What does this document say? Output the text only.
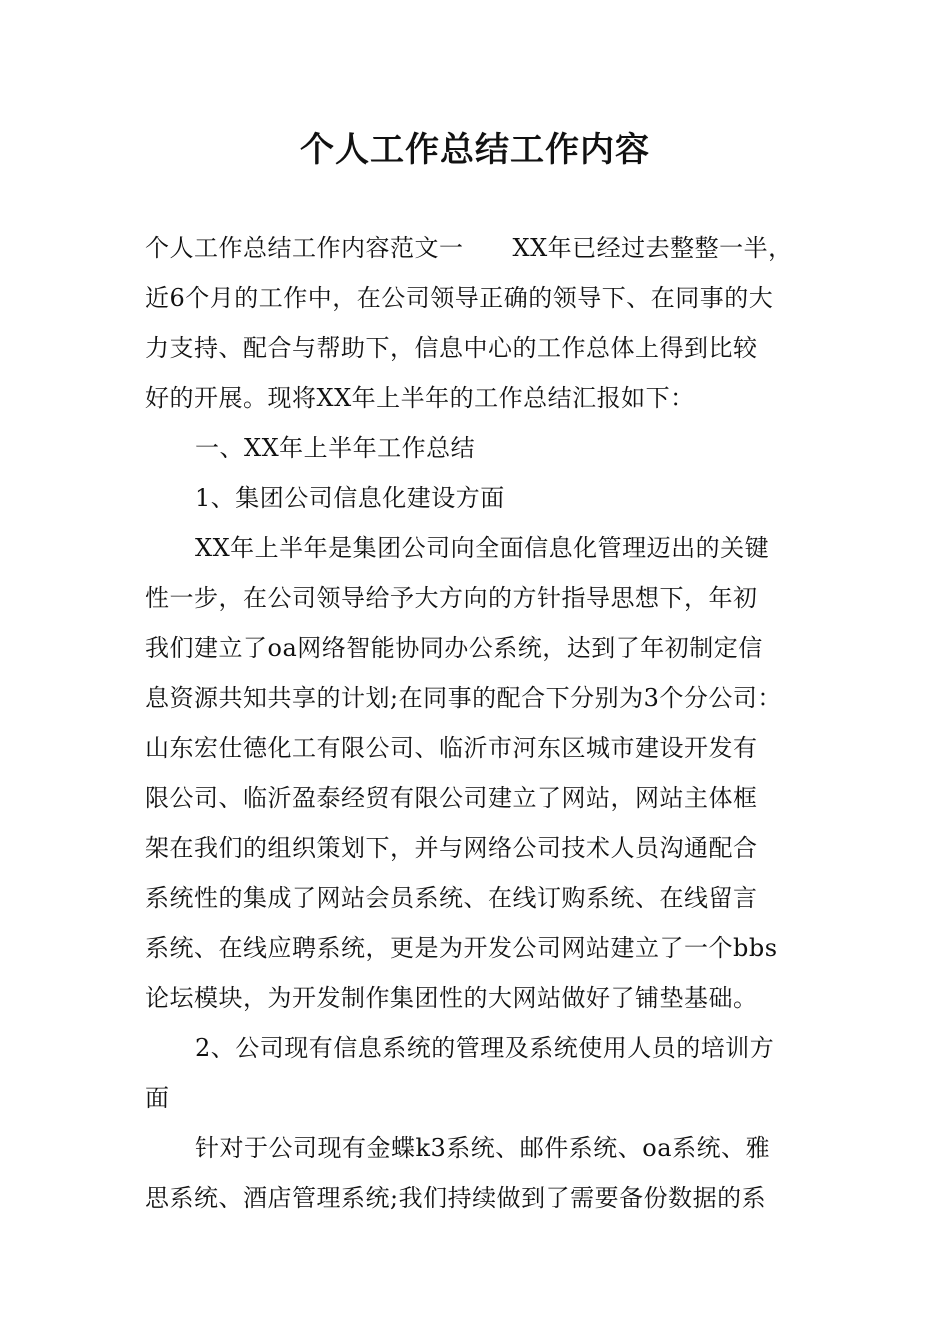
个人工作总结工作内容
个人工作总结工作内容范文一　　XX年已经过去整整一半，
近6个月的工作中，在公司领导正确的领导下、在同事的大
力支持、配合与帮助下，信息中心的工作总体上得到比较
好的开展。现将XX年上半年的工作总结汇报如下：
一、XX年上半年工作总结
1、集团公司信息化建设方面
XX年上半年是集团公司向全面信息化管理迈出的关键
性一步，在公司领导给予大方向的方针指导思想下，年初
我们建立了oa网络智能协同办公系统，达到了年初制定信
息资源共知共享的计划;在同事的配合下分别为3个分公司：
山东宏仕德化工有限公司、临沂市河东区城市建设开发有
限公司、临沂盈泰经贸有限公司建立了网站，网站主体框
架在我们的组织策划下，并与网络公司技术人员沟通配合
系统性的集成了网站会员系统、在线订购系统、在线留言
系统、在线应聘系统，更是为开发公司网站建立了一个bbs
论坛模块，为开发制作集团性的大网站做好了铺垫基础。
2、公司现有信息系统的管理及系统使用人员的培训方
面
针对于公司现有金蝶k3系统、邮件系统、oa系统、雅
思系统、酒店管理系统;我们持续做到了需要备份数据的系
